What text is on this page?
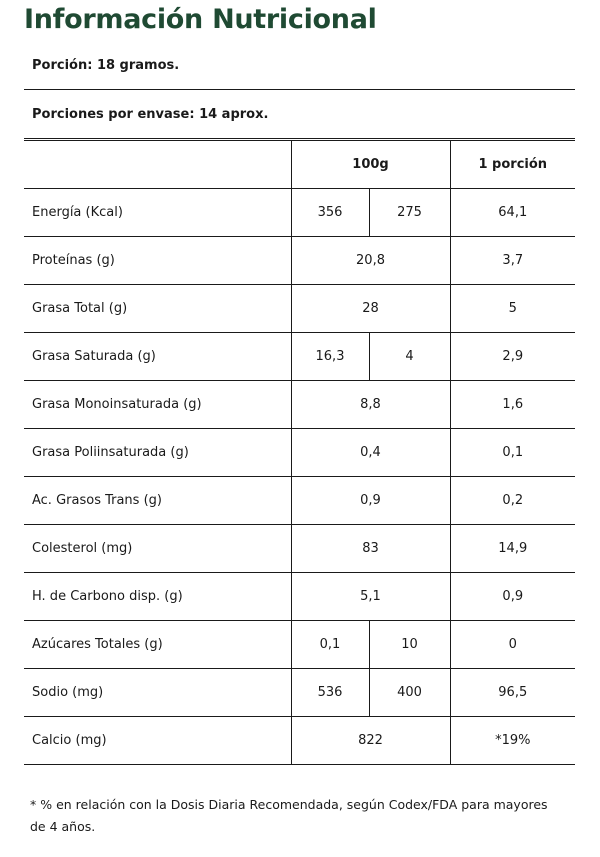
Información Nutricional
Porción: 18 gramos.
Porciones por envase: 14 aprox.
	100g		1 porción
Energía (Kcal)	356	275	64,1
Proteínas (g)	20,8		3,7
Grasa Total (g)	28		5
Grasa Saturada (g)	16,3	4	2,9
Grasa Monoinsaturada (g)	8,8		1,6
Grasa Poliinsaturada (g)	0,4		0,1
Ac. Grasos Trans (g)	0,9		0,2
Colesterol (mg)	83		14,9
H. de Carbono disp. (g)	5,1		0,9
Azúcares Totales (g)	0,1	10	0
Sodio (mg)	536	400	96,5
Calcio (mg)	822		*19%
* % en relación con la Dosis Diaria Recomendada, según Codex/FDA para mayores de 4 años.
